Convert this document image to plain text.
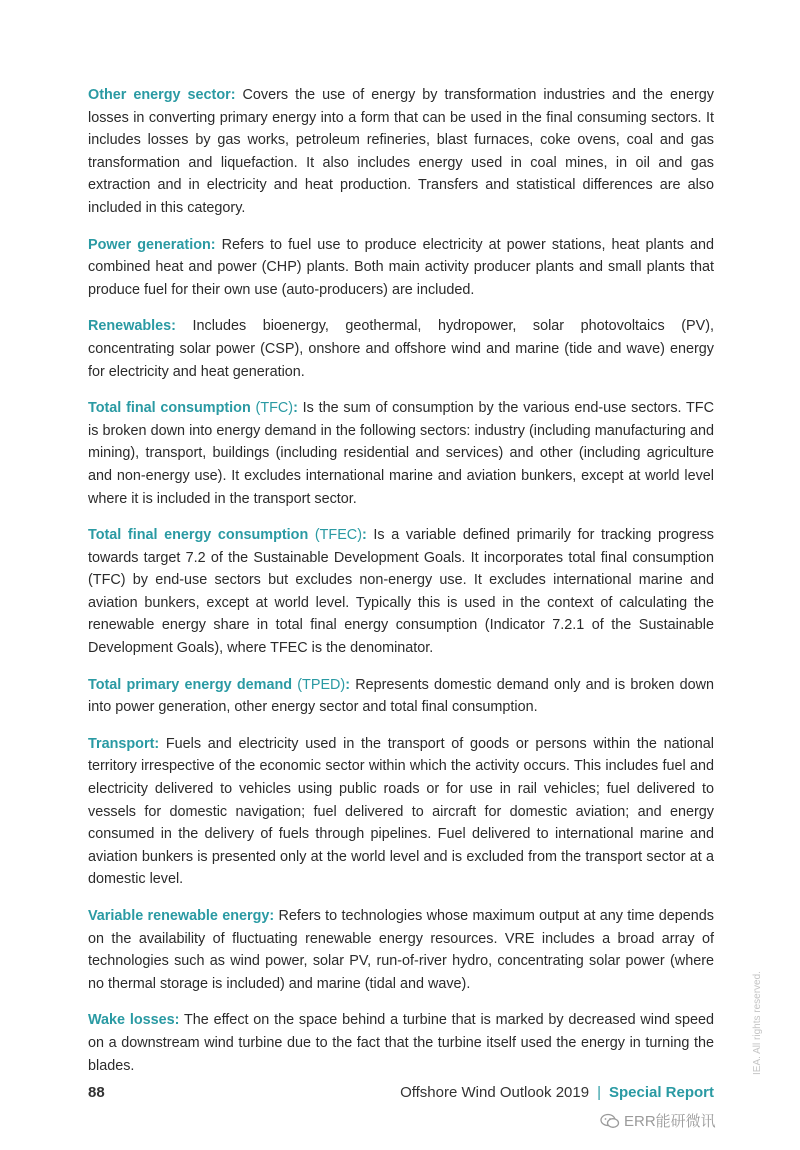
Other energy sector: Covers the use of energy by transformation industries and the energy losses in converting primary energy into a form that can be used in the final consuming sectors. It includes losses by gas works, petroleum refineries, blast furnaces, coke ovens, coal and gas transformation and liquefaction. It also includes energy used in coal mines, in oil and gas extraction and in electricity and heat production. Transfers and statistical differences are also included in this category.

Power generation: Refers to fuel use to produce electricity at power stations, heat plants and combined heat and power (CHP) plants. Both main activity producer plants and small plants that produce fuel for their own use (auto-producers) are included.

Renewables: Includes bioenergy, geothermal, hydropower, solar photovoltaics (PV), concentrating solar power (CSP), onshore and offshore wind and marine (tide and wave) energy for electricity and heat generation.

Total final consumption (TFC): Is the sum of consumption by the various end-use sectors. TFC is broken down into energy demand in the following sectors: industry (including manufacturing and mining), transport, buildings (including residential and services) and other (including agriculture and non-energy use). It excludes international marine and aviation bunkers, except at world level where it is included in the transport sector.

Total final energy consumption (TFEC): Is a variable defined primarily for tracking progress towards target 7.2 of the Sustainable Development Goals. It incorporates total final consumption (TFC) by end-use sectors but excludes non-energy use. It excludes international marine and aviation bunkers, except at world level. Typically this is used in the context of calculating the renewable energy share in total final energy consumption (Indicator 7.2.1 of the Sustainable Development Goals), where TFEC is the denominator.

Total primary energy demand (TPED): Represents domestic demand only and is broken down into power generation, other energy sector and total final consumption.

Transport: Fuels and electricity used in the transport of goods or persons within the national territory irrespective of the economic sector within which the activity occurs. This includes fuel and electricity delivered to vehicles using public roads or for use in rail vehicles; fuel delivered to vessels for domestic navigation; fuel delivered to aircraft for domestic aviation; and energy consumed in the delivery of fuels through pipelines. Fuel delivered to international marine and aviation bunkers is presented only at the world level and is excluded from the transport sector at a domestic level.

Variable renewable energy: Refers to technologies whose maximum output at any time depends on the availability of fluctuating renewable energy resources. VRE includes a broad array of technologies such as wind power, solar PV, run-of-river hydro, concentrating solar power (where no thermal storage is included) and marine (tidal and wave).

Wake losses: The effect on the space behind a turbine that is marked by decreased wind speed on a downstream wind turbine due to the fact that the turbine itself used the energy in turning the blades.	IEA. All rights reserved.
88	Offshore Wind Outlook 2019 | Special Report
ERR能研微讯
